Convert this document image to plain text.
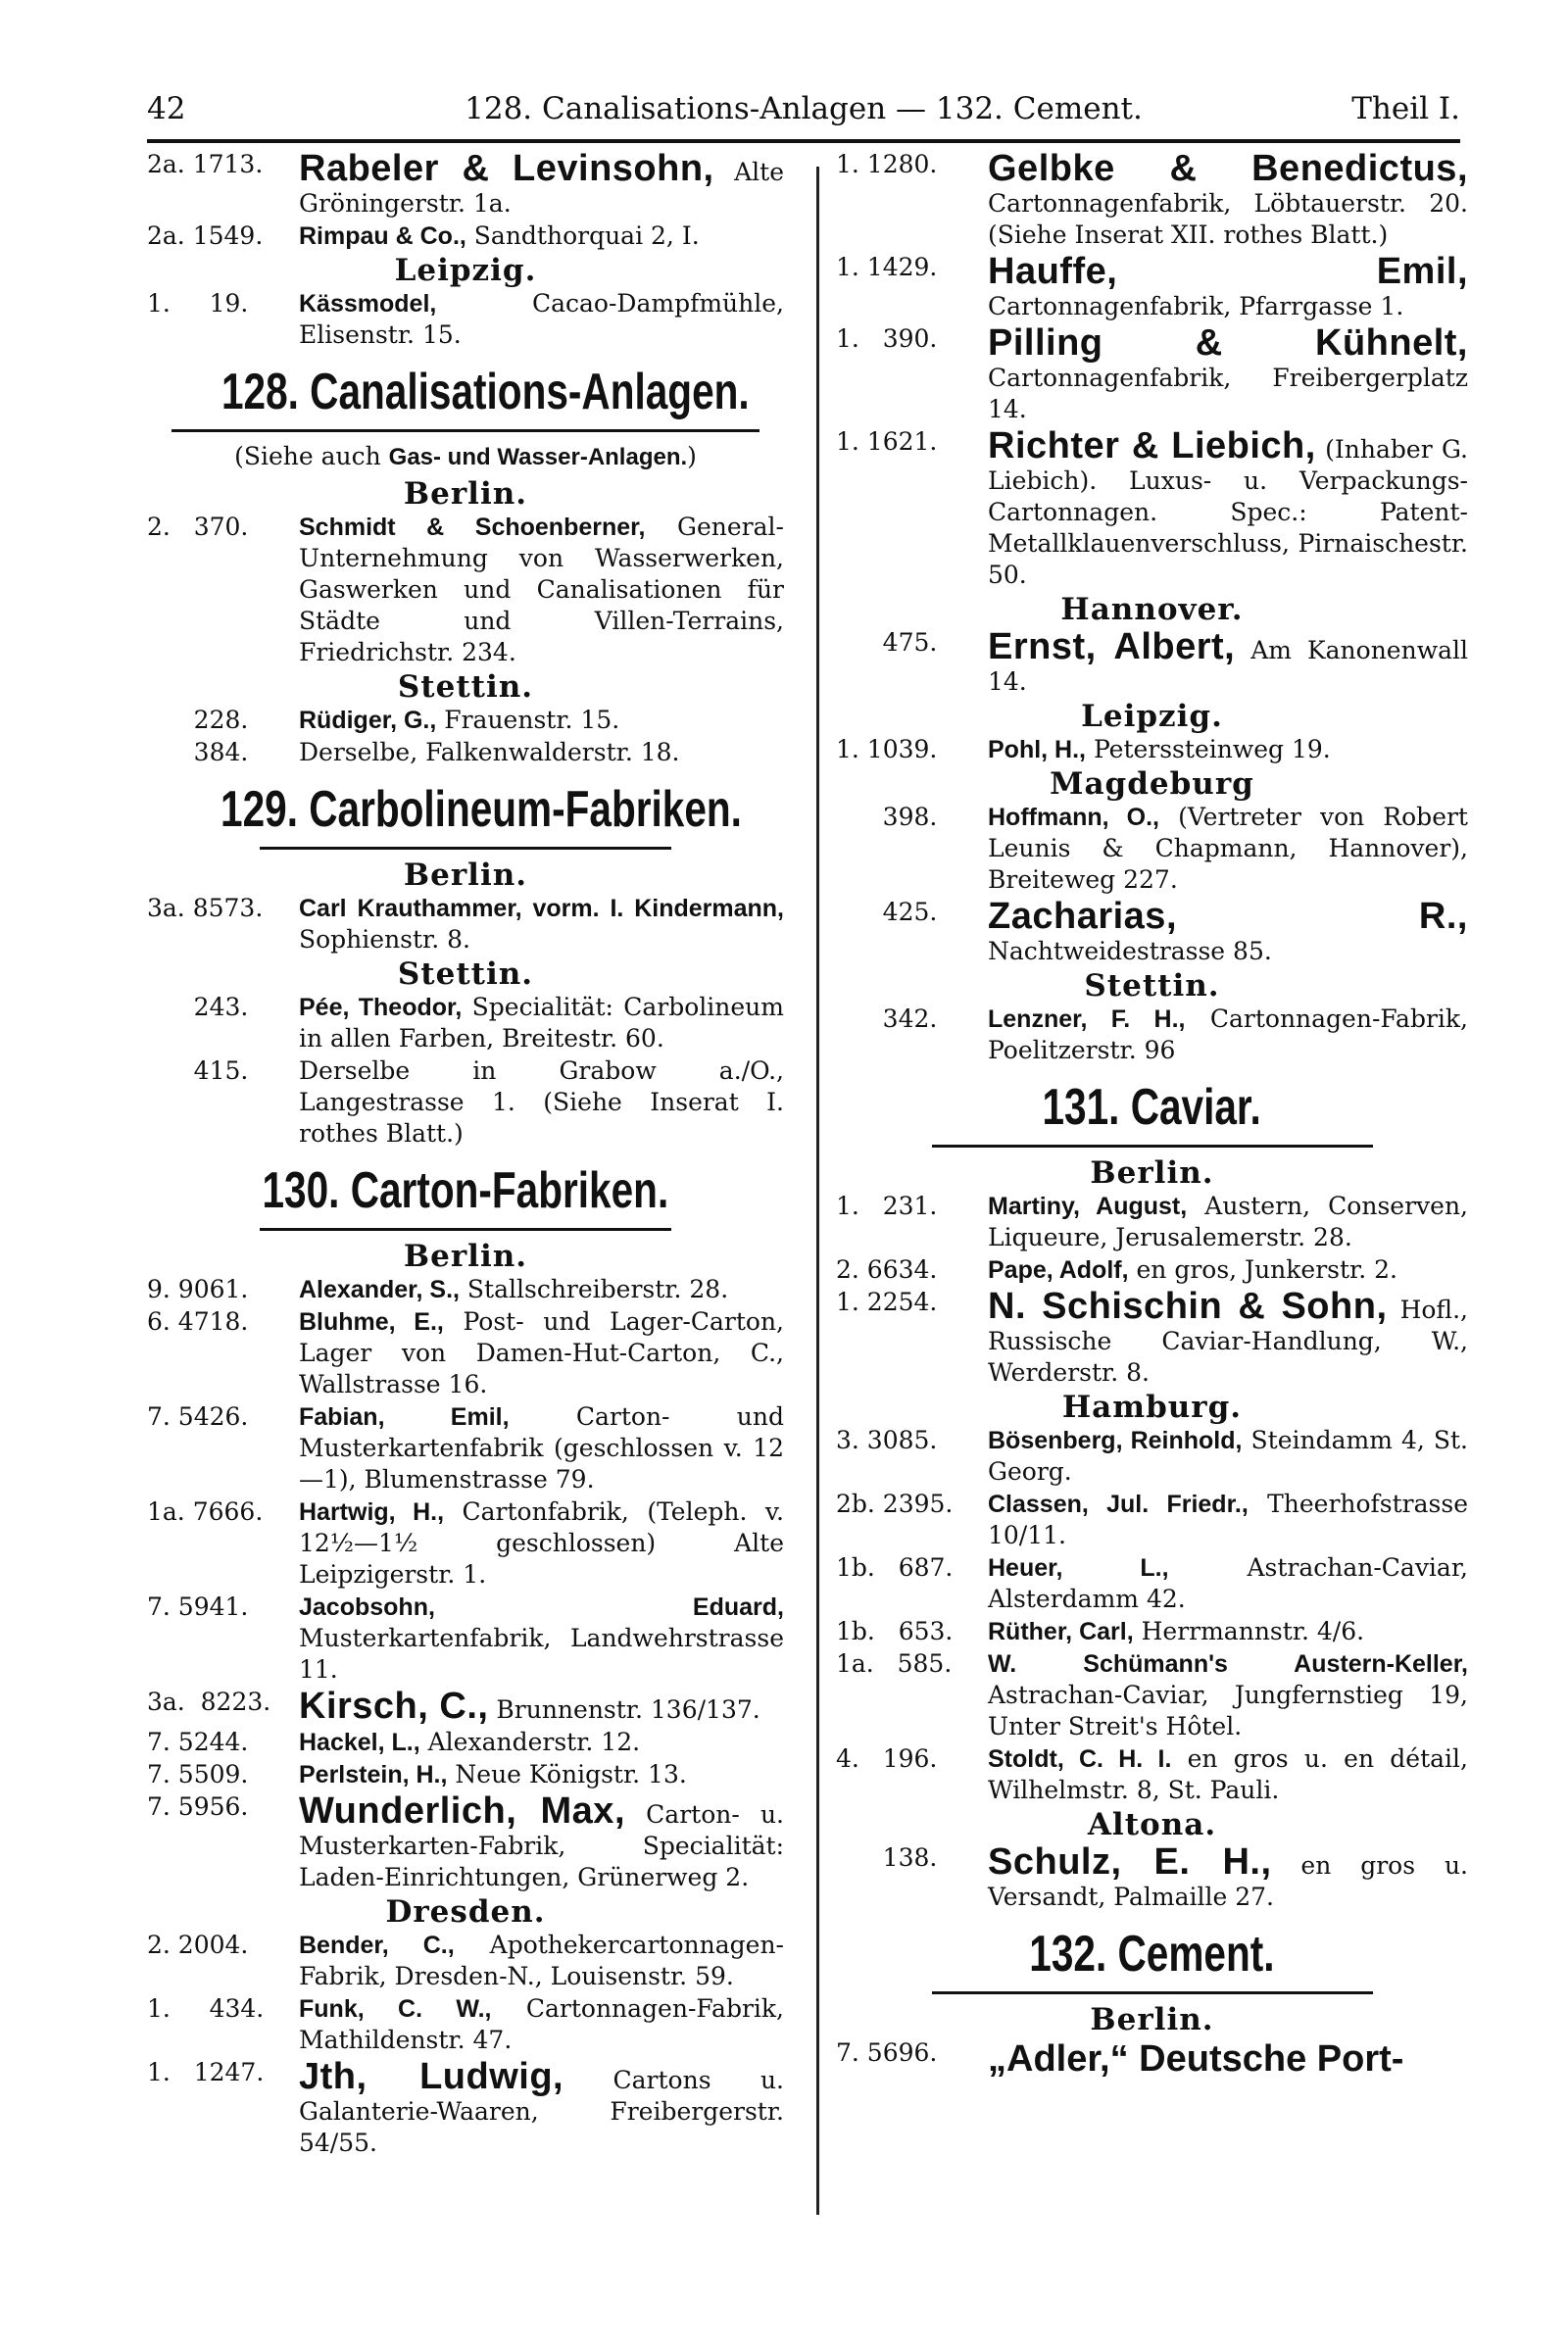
42	128. Canalisations-Anlagen — 132. Cement.	Theil I.
2a. 1713. Rabeler & Levinsohn, Alte Gröningerstr. 1a.
2a. 1549.	Rimpau & Co., Sandthorquai 2, I.
Leipzig.
1.     19.	Kässmodel, Cacao-Dampfmühle, Elisenstr. 15.
128. Canalisations-Anlagen.
(Siehe auch Gas- und Wasser-Anlagen.)
Berlin.
2.   370.	Schmidt & Schoenberner, General-Unternehmung von Wasserwerken, Gaswerken und Canalisationen für Städte und Villen-Terrains, Friedrichstr. 234.
Stettin.
228.	Rüdiger, G., Frauenstr. 15.
384.	Derselbe, Falkenwalderstr. 18.
129. Carbolineum-Fabriken.
Berlin.
3a. 8573.	Carl Krauthammer, vorm. I. Kindermann, Sophienstr. 8.
Stettin.
243.	Pée, Theodor, Specialität: Carbolineum in allen Farben, Breitestr. 60.
415.	Derselbe in Grabow a./O., Langestrasse 1. (Siehe Inserat I. rothes Blatt.)
130. Carton-Fabriken.
Berlin.
9. 9061.	Alexander, S., Stallschreiberstr. 28.
6. 4718.	Bluhme, E., Post- und Lager-Carton, Lager von Damen-Hut-Carton, C., Wallstrasse 16.
7. 5426.	Fabian, Emil, Carton- und Musterkartenfabrik (geschlossen v. 12—1), Blumenstrasse 79.
1a. 7666.	Hartwig, H., Cartonfabrik, (Teleph. v. 12½—1½ geschlossen) Alte Leipzigerstr. 1.
7. 5941.	Jacobsohn, Eduard, Musterkartenfabrik, Landwehrstrasse 11.
3a.  8223. Kirsch, C., Brunnenstr. 136/137.
7. 5244.	Hackel, L., Alexanderstr. 12.
7. 5509.	Perlstein, H., Neue Königstr. 13.
7. 5956.	Wunderlich, Max, Carton- u. Musterkarten-Fabrik, Specialität: Laden-Einrichtungen, Grünerweg 2.
Dresden.
2. 2004.	Bender, C., Apothekercartonnagen-Fabrik, Dresden-N., Louisenstr. 59.
1.     434.	Funk, C. W., Cartonnagen-Fabrik, Mathildenstr. 47.
1.   1247. Jth, Ludwig, Cartons u. Galanterie-Waaren, Freibergerstr. 54/55.
1. 1280.	Gelbke & Benedictus, Cartonnagenfabrik, Löbtauerstr. 20. (Siehe Inserat XII. rothes Blatt.)
1. 1429.	Hauffe, Emil, Cartonnagenfabrik, Pfarrgasse 1.
1.   390.	Pilling & Kühnelt, Cartonnagenfabrik, Freibergerplatz 14.
1. 1621.	Richter & Liebich, (Inhaber G. Liebich). Luxus- u. Verpackungs-Cartonnagen. Spec.: Patent-Metallklauenverschluss, Pirnaischestr. 50.
Hannover.
475.	Ernst, Albert, Am Kanonenwall 14.
Leipzig.
1. 1039.	Pohl, H., Peterssteinweg 19.
Magdeburg
398.	Hoffmann, O., (Vertreter von Robert Leunis & Chapmann, Hannover), Breiteweg 227.
425.	Zacharias, R., Nachtweidestrasse 85.
Stettin.
342.	Lenzner, F. H., Cartonnagen-Fabrik, Poelitzerstr. 96
131. Caviar.
Berlin.
1.   231.	Martiny, August, Austern, Conserven, Liqueure, Jerusalemerstr. 28.
2. 6634.	Pape, Adolf, en gros, Junkerstr. 2.
1. 2254.	N. Schischin & Sohn, Hofl., Russische Caviar-Handlung, W., Werderstr. 8.
Hamburg.
3. 3085.	Bösenberg, Reinhold, Steindamm 4, St. Georg.
2b. 2395.	Classen, Jul. Friedr., Theerhofstrasse 10/11.
1b.   687.	Heuer, L., Astrachan-Caviar, Alsterdamm 42.
1b.   653.	Rüther, Carl, Herrmannstr. 4/6.
1a.   585.	W. Schümann's Austern-Keller, Astrachan-Caviar, Jungfernstieg 19, Unter Streit's Hôtel.
4.   196.	Stoldt, C. H. I. en gros u. en détail, Wilhelmstr. 8, St. Pauli.
Altona.
138.	Schulz, E. H., en gros u. Versandt, Palmaille 27.
132. Cement.
Berlin.
7. 5696.	„Adler,“ Deutsche Port-
